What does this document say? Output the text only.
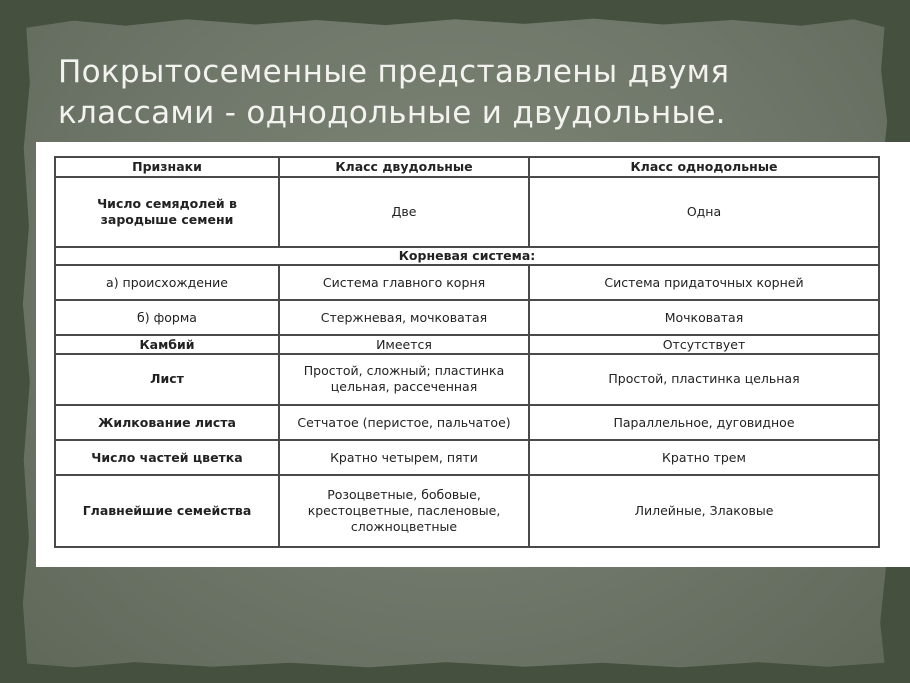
Покрытосеменные представлены двумя
классами - однодольные и двудольные.
Признаки	Класс двудольные	Класс однодольные
Число семядолей в зародыше семени	Две	Одна
Корневая система:		
а) происхождение	Система главного корня	Система придаточных корней
б) форма	Стержневая, мочковатая	Мочковатая
Камбий	Имеется	Отсутствует
Лист	Простой, сложный; пластинка цельная, рассеченная	Простой, пластинка цельная
Жилкование листа	Сетчатое (перистое, пальчатое)	Параллельное, дуговидное
Число частей цветка	Кратно четырем, пяти	Кратно трем
Главнейшие семейства	Розоцветные, бобовые, крестоцветные, пасленовые, сложноцветные	Лилейные, Злаковые
